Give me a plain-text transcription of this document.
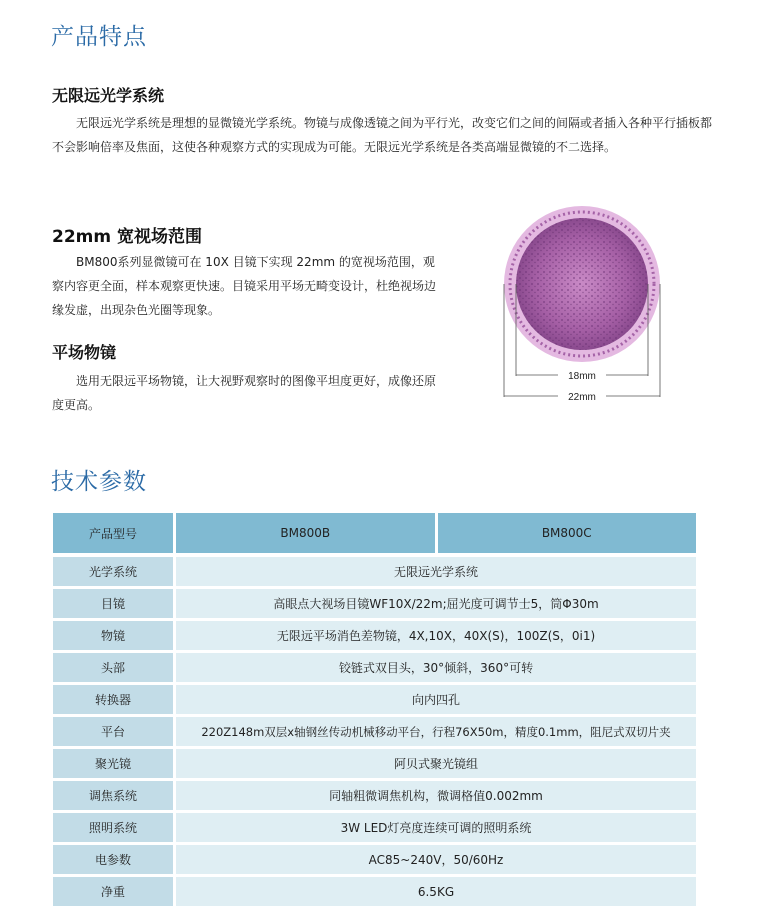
产品特点
无限远光学系统

无限远光学系统是理想的显微镜光学系统。物镜与成像透镜之间为平行光，改变它们之间的间隔或者插入各种平行插板都不会影响倍率及焦面，这使各种观察方式的实现成为可能。无限远光学系统是各类高端显微镜的不二选择。

22mm 宽视场范围

BM800系列显微镜可在 10X 目镜下实现 22mm 的宽视场范围，观察内容更全面，样本观察更快速。目镜采用平场无畸变设计，杜绝视场边缘发虚，出现杂色光圈等现象。

平场物镜

选用无限远平场物镜，让大视野观察时的图像平坦度更好，成像还原度更高。

18mm
22mm
技术参数
产品型号	BM800B	BM800C
光学系统	无限远光学系统
目镜	高眼点大视场目镜WF10X/22m;屈光度可调节士5，筒Φ30m
物镜	无限远平场消色差物镜，4X,10X，40X(S)，100Z(S，0i1)
头部	铰链式双目头，30°倾斜，360°可转
转换器	向内四孔
平台	220Z148m双层x轴钢丝传动机械移动平台，行程76X50m，精度0.1mm，阻尼式双切片夹
聚光镜	阿贝式聚光镜组
调焦系统	同轴粗微调焦机构，微调格值0.002mm
照明系统	3W LED灯亮度连续可调的照明系统
电参数	AC85~240V，50/60Hz
净重	6.5KG
